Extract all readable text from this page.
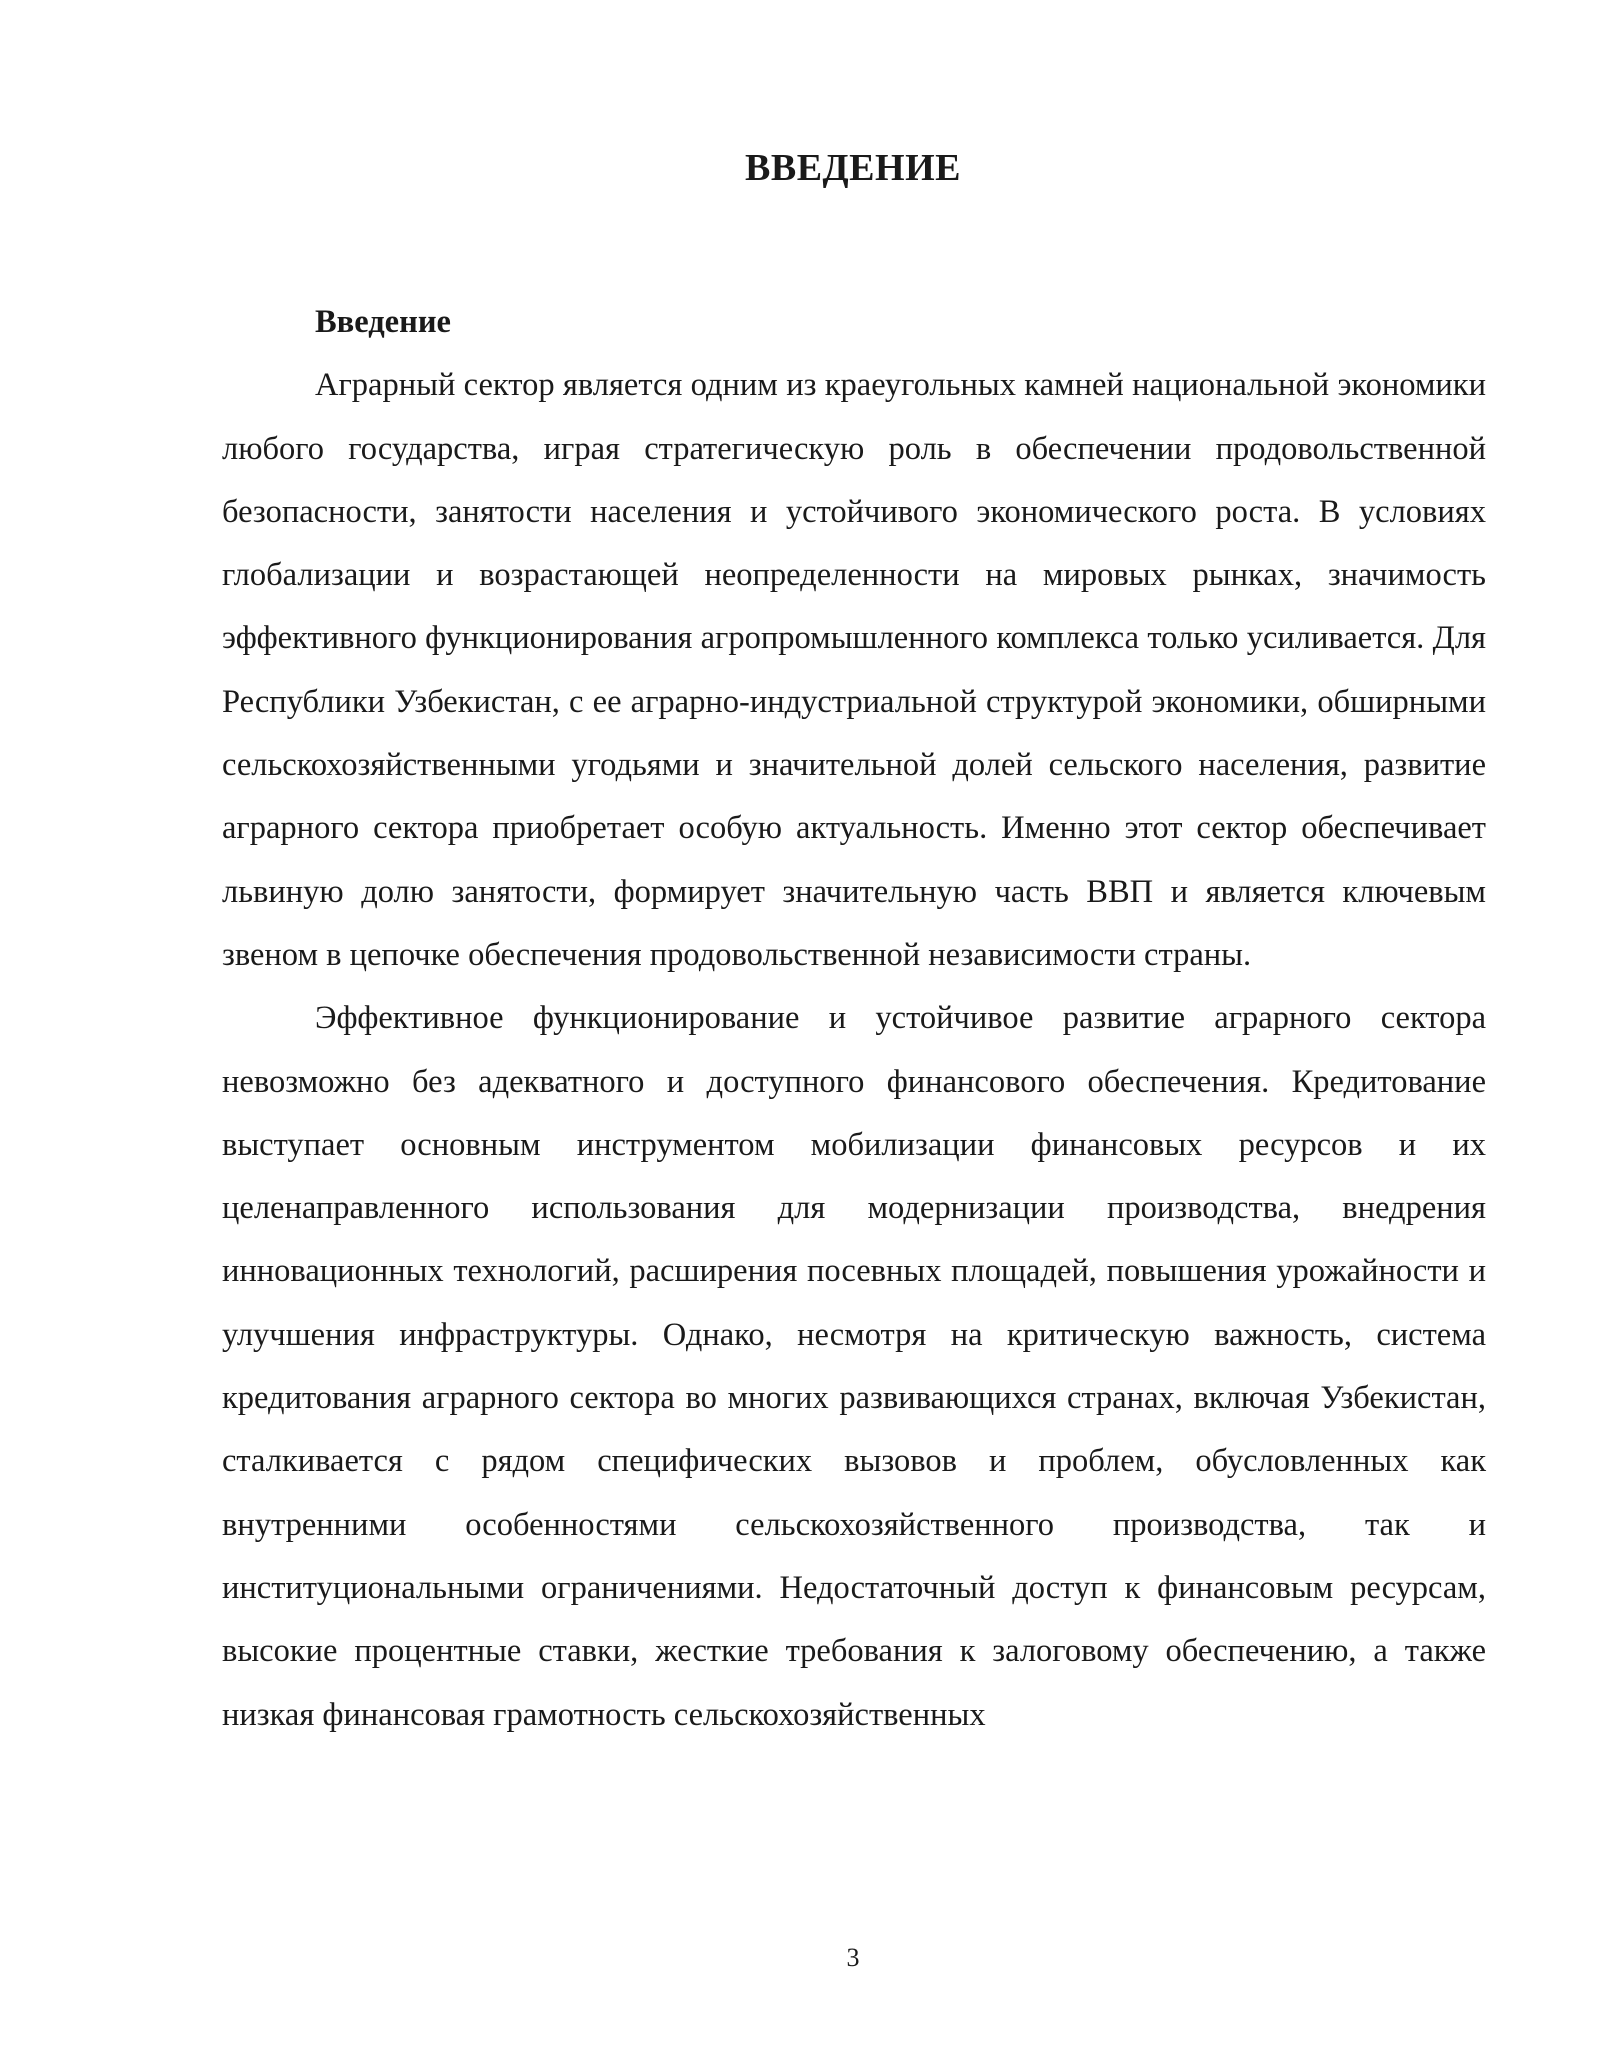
ВВЕДЕНИЕ

Введение

Аграрный сектор является одним из краеугольных камней национальной экономики любого государства, играя стратегическую роль в обеспечении продовольственной безопасности, занятости населения и устойчивого экономического роста. В условиях глобализации и возрастающей неопределенности на мировых рынках, значимость эффективного функционирования агропромышленного комплекса только усиливается. Для Республики Узбекистан, с ее аграрно-индустриальной структурой экономики, обширными сельскохозяйственными угодьями и значительной долей сельского населения, развитие аграрного сектора приобретает особую актуальность. Именно этот сектор обеспечивает львиную долю занятости, формирует значительную часть ВВП и является ключевым звеном в цепочке обеспечения продовольственной независимости страны.

Эффективное функционирование и устойчивое развитие аграрного сектора невозможно без адекватного и доступного финансового обеспечения. Кредитование выступает основным инструментом мобилизации финансовых ресурсов и их целенаправленного использования для модернизации производства, внедрения инновационных технологий, расширения посевных площадей, повышения урожайности и улучшения инфраструктуры. Однако, несмотря на критическую важность, система кредитования аграрного сектора во многих развивающихся странах, включая Узбекистан, сталкивается с рядом специфических вызовов и проблем, обусловленных как внутренними особенностями сельскохозяйственного производства, так и институциональными ограничениями. Недостаточный доступ к финансовым ресурсам, высокие процентные ставки, жесткие требования к залоговому обеспечению, а также низкая финансовая грамотность сельскохозяйственных

3
